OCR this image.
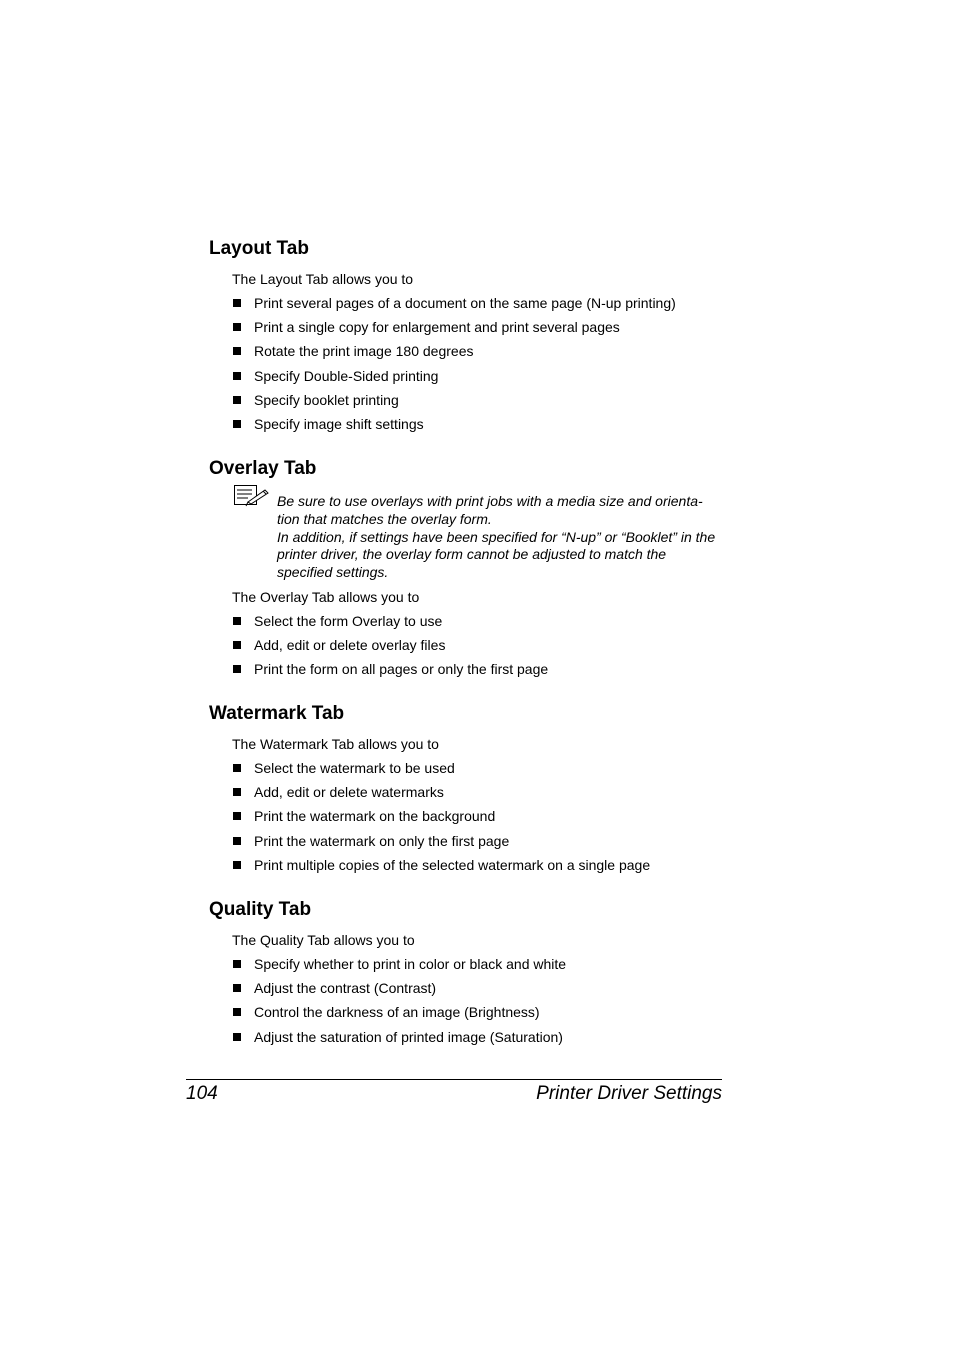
Layout Tab
The Layout Tab allows you to
Print several pages of a document on the same page (N-up printing)
Print a single copy for enlargement and print several pages
Rotate the print image 180 degrees
Specify Double-Sided printing
Specify booklet printing
Specify image shift settings
Overlay Tab

Be sure to use overlays with print jobs with a media size and orienta-tion that matches the overlay form.

In addition, if settings have been specified for “N-up” or “Booklet” in the printer driver, the overlay form cannot be adjusted to match the specified settings.

The Overlay Tab allows you to
Select the form Overlay to use
Add, edit or delete overlay files
Print the form on all pages or only the first page
Watermark Tab
The Watermark Tab allows you to
Select the watermark to be used
Add, edit or delete watermarks
Print the watermark on the background
Print the watermark on only the first page
Print multiple copies of the selected watermark on a single page
Quality Tab
The Quality Tab allows you to
Specify whether to print in color or black and white
Adjust the contrast (Contrast)
Control the darkness of an image (Brightness)
Adjust the saturation of printed image (Saturation)
104	Printer Driver Settings
